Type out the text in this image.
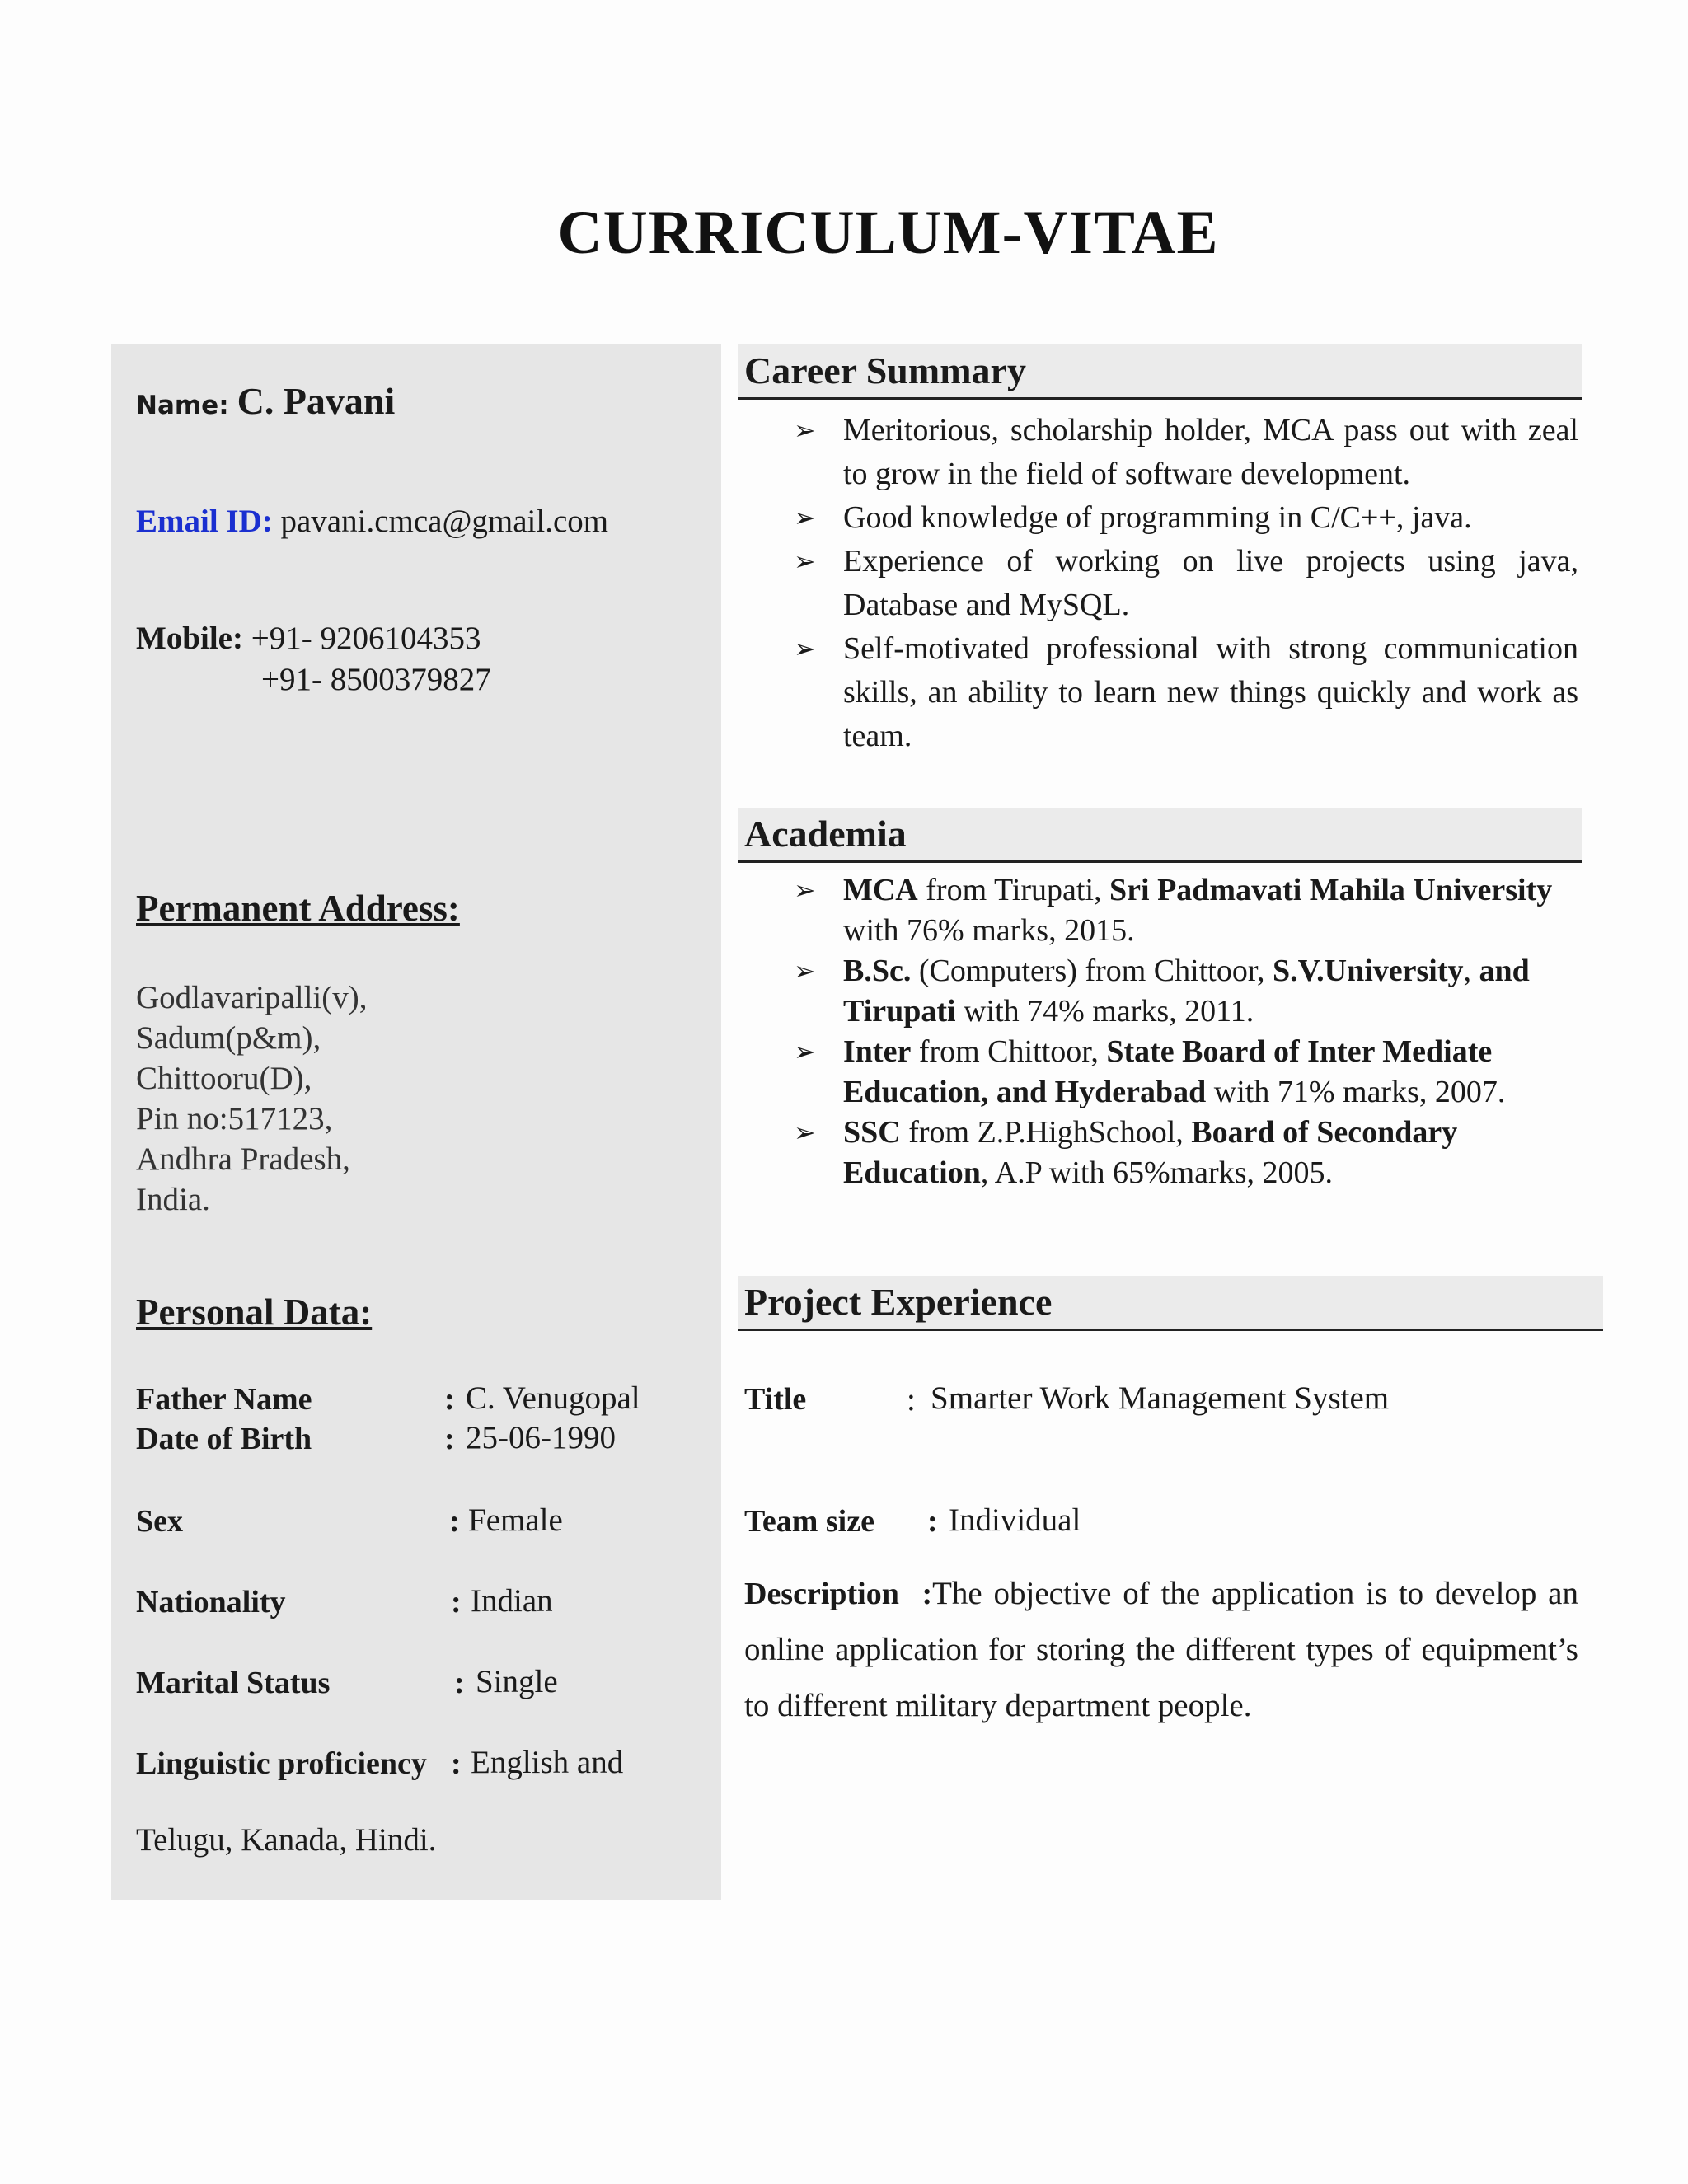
CURRICULUM-VITAE
Name: C. Pavani
Email ID: pavani.cmca@gmail.com
Mobile: +91- 9206104353
+91- 8500379827
Permanent Address:
Godlavaripalli(v),
Sadum(p&m),
Chittooru(D),
Pin no:517123,
Andhra Pradesh,
India.
Personal Data:
Father Name	: C. Venugopal
Date of Birth	: 25-06-1990
Sex	: Female
Nationality	: Indian
Marital Status	: Single
Linguistic proficiency : English and
Telugu, Kanada, Hindi.
Career Summary
➢ Meritorious, scholarship holder, MCA pass out with zeal to grow in the field of software development.
➢ Good knowledge of programming in C/C++, java.
➢ Experience of working on live projects using java, Database and MySQL.
➢ Self-motivated professional with strong communication skills, an ability to learn new things quickly and work as team.
Academia
➢ MCA from Tirupati, Sri Padmavati Mahila University
with 76% marks, 2015.
➢ B.Sc. (Computers) from Chittoor, S.V.University, and
Tirupati with 74% marks, 2011.
➢ Inter from Chittoor, State Board of Inter Mediate
Education, and Hyderabad with 71% marks, 2007.
➢ SSC from Z.P.HighSchool, Board of Secondary
Education, A.P with 65%marks, 2005.
Project Experience
Title	: Smarter Work Management System
Team size : Individual
Description :The objective of the application is to develop an online application for storing the different types of equipment’s to different military department people.
